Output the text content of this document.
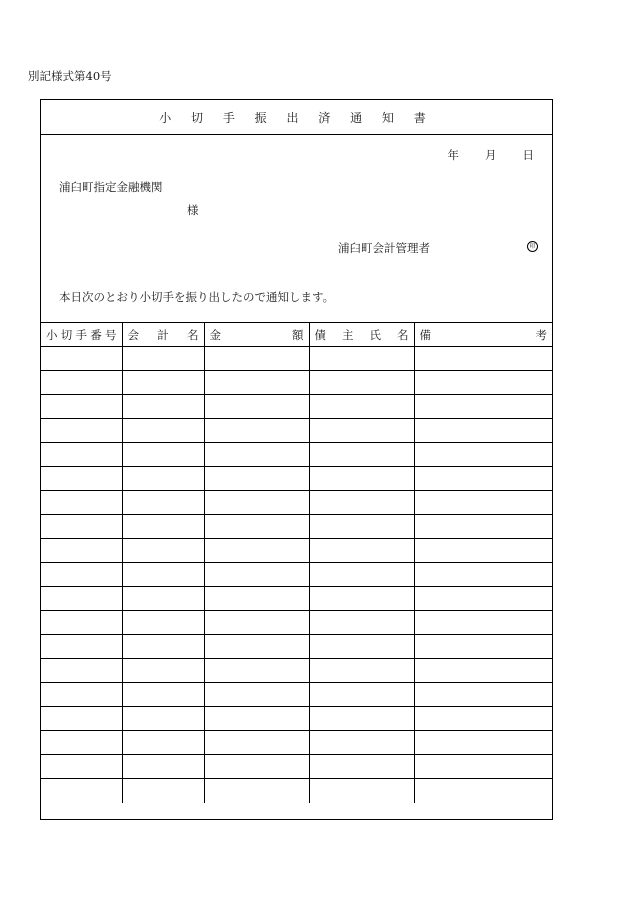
別記様式第40号
小 切 手 振 出 済 通 知 書
年 月 日
浦臼町指定金融機関
様
浦臼町会計管理者	印
本日次のとおり小切手を振り出したので通知します。
小 切 手 番 号	会 計 名	金 額	債 主 氏 名	備 考
